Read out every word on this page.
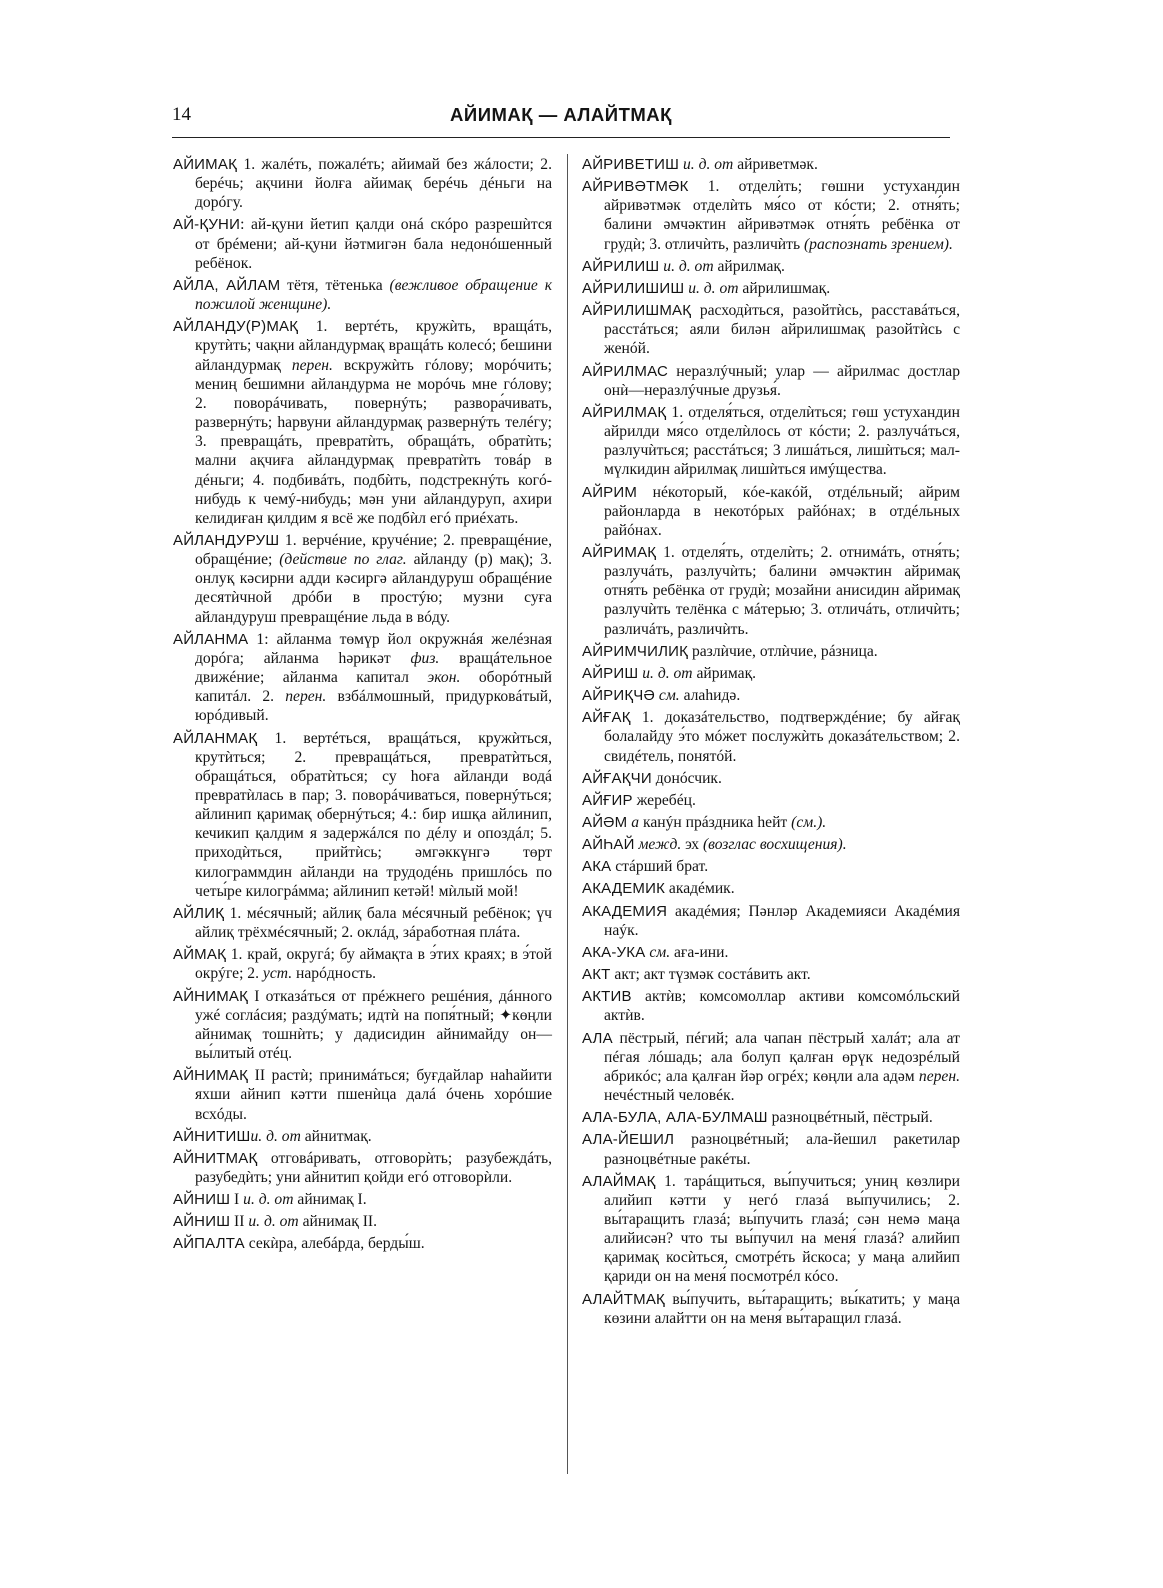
14	АЙИМАҚ — АЛАЙТМАҚ

АЙИМАҚ 1. жалéть, пожалéть; айимай без жáлости; 2. берéчь; ақчини йолға айимақ берéчь дéньги на дорóгу.

АЙ-ҚУНИ: ай-қуни йетип қалди онá скóро разрешѝтся от брéмени; ай-қуни йәтмигән бала недонóшенный ребёнок.

АЙЛА, АЙЛАМ тётя, тётенька (вежливое обращение к пожилой женщине).

АЙЛАНДУ(Р)МАҚ 1. вертéть, кружѝть, вращáть, крутѝть; чақни айландурмақ вращáть колесó; бешини айландурмақ перен. вскружѝть гóлову; морóчить; мениң бешимни айландурма не морóчь мне гóлову; 2. поворáчивать, повернýть; развора́чивать, развернýть; һарвуни айландурмақ развернýть телéгу; 3. превращáть, превратѝть, обращáть, обратѝть; мални ақчиға айландурмақ превратѝть товáр в дéньги; 4. подбивáть, подбѝть, подстрекнýть когó-нибудь к чемý-нибудь; мән уни айландуруп, ахири келидиған қилдим я всё же подбѝл егó приéхать.

АЙЛАНДУРУШ 1. верчéние, кручéние; 2. превращéние, обращéние; (действие по глаг. айланду (р) мақ); 3. онлуқ кәсирни адди кәсиргә айландуруш обращéние десятѝчной дрóби в простýю; музни суға айландуруш превращéние льда в вóду.

АЙЛАНМА 1: айланма төмүр йол окружнáя желéзная дорóга; айланма һәрикәт физ. вращáтельное движéние; айланма капитал экон. оборóтный капитáл. 2. перен. взбáлмошный, придурковáтый, юрóдивый.

АЙЛАНМАҚ 1. вертéться, вращáться, кружѝться, крутѝться; 2. превращáться, превратѝться, обращáться, обратѝться; су һоға айланди водá превратѝлась в пар; 3. поворáчиваться, повернýться; айлинип қаримақ обернýться; 4.: бир ишқа айлинип, кечикип қалдим я задержáлся по дéлу и опоздáл; 5. приходѝться, прийтѝсь; әмгәккүнгә төрт килограммдин айланди на трудодéнь пришлóсь по четы́ре килогрáмма; айлинип кетәй! мѝлый мой!

АЙЛИҚ 1. мéсячный; айлиқ бала мéсячный ребёнок; үч айлиқ трёхмéсячный; 2. оклáд, зáработная плáта.

АЙМАҚ 1. край, округá; бу аймақта в э́тих краях; в э́той окрýге; 2. уст. нарóдность.

АЙНИМАҚ I отказáться от прéжнего решéния, дáнного ужé соглáсия; раздýмать; идтѝ на попя́тный; ✦көңли айнимақ тошнѝть; у дадисидин айнимайду он— вы́литый отéц.

АЙНИМАҚ II растѝ; принимáться; буғдайлар наһайити яхши айнип кәтти пшенѝца далá óчень хорóшие всхóды.

АЙНИТИШи. д. от айнитмақ.

АЙНИТМАҚ отговáривать, отговорѝть; разубеждáть, разубедѝть; уни айнитип қойди егó отговорѝли.

АЙНИШ I и. д. от айнимақ I.

АЙНИШ II и. д. от айнимақ II.

АЙПАЛТА секѝра, алебáрда, берды́ш.

АЙРИВЕТИШ и. д. от айриветмәк.

АЙРИВӘТМӘК 1. отделѝть; гөшни устухандин айривәтмәк отделѝть мя́со от кóсти; 2. отня́ть; балини әмчәктин айривәтмәк отня́ть ребёнка от грудѝ; 3. отличѝть, различѝть (распознать зрением).

АЙРИЛИШ и. д. от айрилмақ.

АЙРИЛИШИШ и. д. от айрилишмақ.

АЙРИЛИШМАҚ расходѝться, разойтѝсь, расставáться, расстáться; аяли билән айрилишмақ разойтѝсь с женóй.

АЙРИЛМАС неразлýчный; улар — айрилмас достлар онѝ—неразлýчные друзья́.

АЙРИЛМАҚ 1. отделя́ться, отделѝться; гөш устухандин айрилди мя́со отделѝлось от кóсти; 2. разлучáться, разлучѝться; расстáться; 3 лишáться, лишѝться; мал-мүлкидин айрилмақ лишѝться имýщества.

АЙРИМ нéкоторый, кóе-какóй, отдéльный; айрим районларда в некотóрых райóнах; в отдéльных райóнах.

АЙРИМАҚ 1. отделя́ть, отделѝть; 2. отнимáть, отня́ть; разлучáть, разлучѝть; балини әмчәктин айримақ отня́ть ребёнка от грудѝ; мозайни анисидин айримақ разлучѝть телёнка с мáтерью; 3. отличáть, отличѝть; различáть, различѝть.

АЙРИМЧИЛИҚ разлѝчие, отлѝчие, рáзница.

АЙРИШ и. д. от айримақ.

АЙРИҚЧӘ см. алаһидә.

АЙҒАҚ 1. доказáтельство, подтверждéние; бу айғақ болалайду э́то мóжет послужѝть доказáтельством; 2. свидéтель, понятóй.

АЙҒАҚЧИ донóсчик.

АЙҒИР жеребéц.

АЙӘМ а канýн прáздника һейт (см.).

АЙҺАЙ межд. эх (возглас восхищения).

АКА стáрший брат.

АКАДЕМИК акадéмик.

АКАДЕМИЯ акадéмия; Пәнләр Академияси Акадéмия наýк.

АКА-УКА см. аға-ини.

АКТ акт; акт түзмәк состáвить акт.

АКТИВ актѝв; комсомоллар активи комсомóльский актѝв.

АЛА пёстрый, пéгий; ала чапан пёстрый халáт; ала ат пéгая лóшадь; ала болуп қалған өрүк недозрéлый абрикóс; ала қалған йәр огрéх; көңли ала адәм перен. нечéстный человéк.

АЛА-БУЛА, АЛА-БУЛМАШ разноцвéтный, пёстрый.

АЛА-ЙЕШИЛ разноцвéтный; ала-йешил ракетилар разноцвéтные ракéты.

АЛАЙМАҚ 1. тарáщиться, вы́пучиться; униң көзлири алийип кәтти у негó глазá вы́пучились; 2. вы́таращить глазá; вы́пучить глазá; сән немә маңа алийисән? что ты вы́пучил на меня́ глазá? алийип қаримақ косѝться, смотрéть йскоса; у маңа алийип қариди он на меня́ посмотрéл кóсо.

АЛАЙТМАҚ вы́пучить, вы́таращить; вы́катить; у маңа көзини алайтти он на меня́ вы́таращил глазá.
